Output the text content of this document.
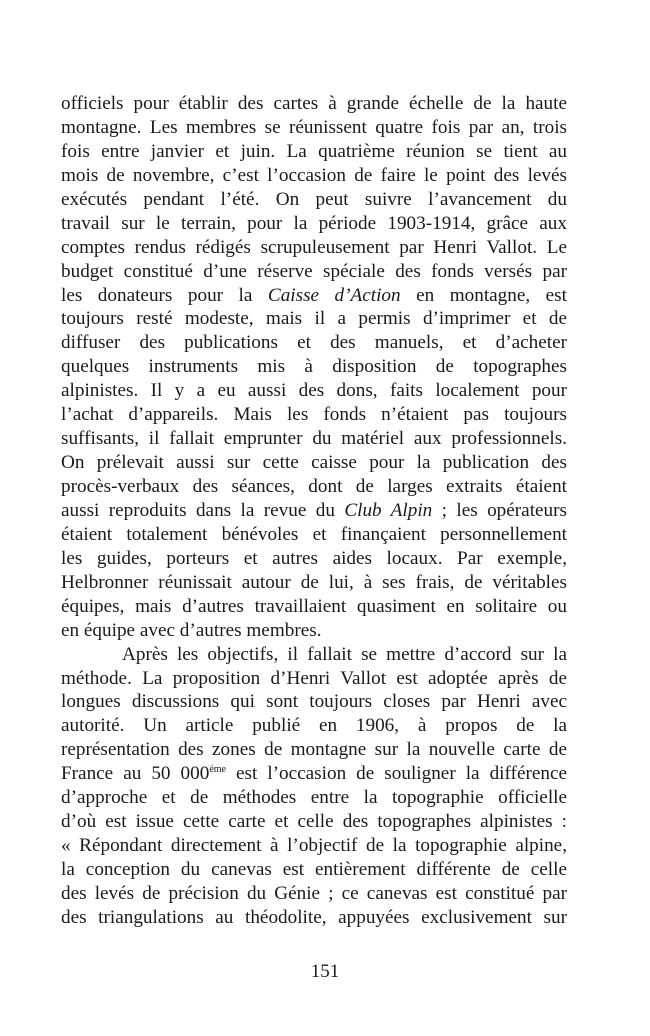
officiels pour établir des cartes à grande échelle de la haute
montagne. Les membres se réunissent quatre fois par an, trois
fois entre janvier et juin. La quatrième réunion se tient au
mois de novembre, c’est l’occasion de faire le point des levés
exécutés pendant l’été. On peut suivre l’avancement du
travail sur le terrain, pour la période 1903-1914, grâce aux
comptes rendus rédigés scrupuleusement par Henri Vallot. Le
budget constitué d’une réserve spéciale des fonds versés par
les donateurs pour la Caisse d’Action en montagne, est
toujours resté modeste, mais il a permis d’imprimer et de
diffuser des publications et des manuels, et d’acheter
quelques instruments mis à disposition de topographes
alpinistes. Il y a eu aussi des dons, faits localement pour
l’achat d’appareils. Mais les fonds n’étaient pas toujours
suffisants, il fallait emprunter du matériel aux professionnels.
On prélevait aussi sur cette caisse pour la publication des
procès-verbaux des séances, dont de larges extraits étaient
aussi reproduits dans la revue du Club Alpin ; les opérateurs
étaient totalement bénévoles et finançaient personnellement
les guides, porteurs et autres aides locaux. Par exemple,
Helbronner réunissait autour de lui, à ses frais, de véritables
équipes, mais d’autres travaillaient quasiment en solitaire ou
en équipe avec d’autres membres.
Après les objectifs, il fallait se mettre d’accord sur la
méthode. La proposition d’Henri Vallot est adoptée après de
longues discussions qui sont toujours closes par Henri avec
autorité. Un article publié en 1906, à propos de la
représentation des zones de montagne sur la nouvelle carte de
France au 50 $000^{éme}$ est l’occasion de souligner la différence
d’approche et de méthodes entre la topographie officielle
d’où est issue cette carte et celle des topographes alpinistes :
« Répondant directement à l’objectif de la topographie alpine,
la conception du canevas est entièrement différente de celle
des levés de précision du Génie ; ce canevas est constitué par
des triangulations au théodolite, appuyées exclusivement sur
151
